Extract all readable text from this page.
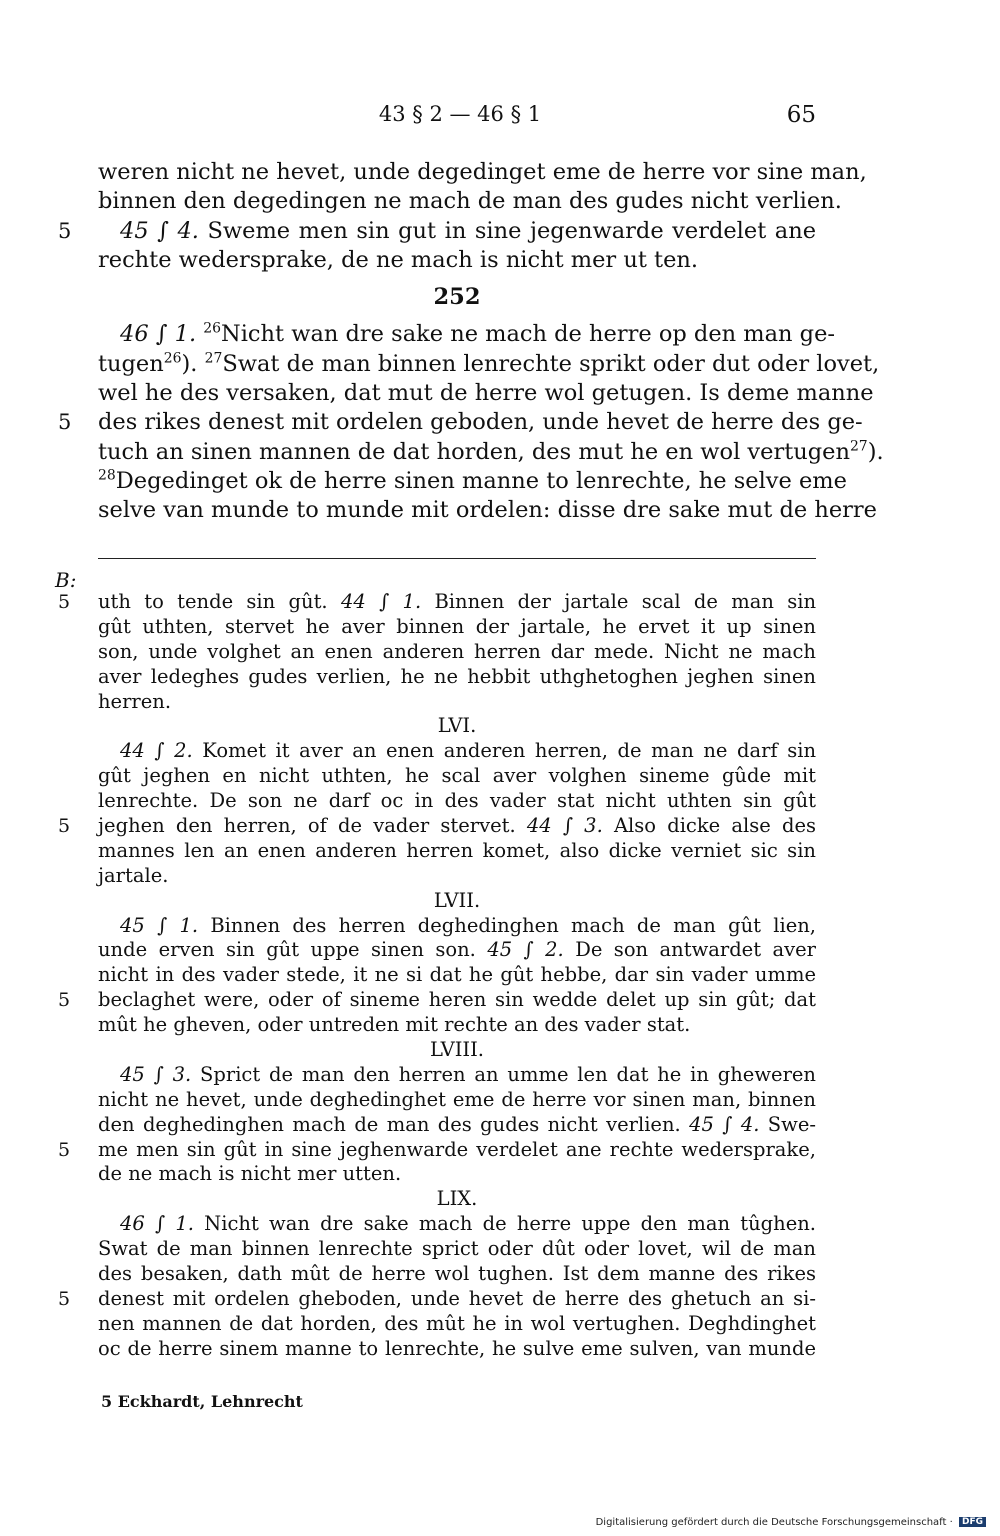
43 § 2 — 46 § 1	65
weren nicht ne hevet, unde degedinget eme de herre vor sine man,
binnen den degedingen ne mach de man des gudes nicht verlien.
5 45 ∫ 4. Sweme men sin gut in sine jegenwarde verdelet ane
rechte wedersprake, de ne mach is nicht mer ut ten.
252
46 ∫ 1. $^{26}$Nicht wan dre sake ne mach de herre op den man ge-
tugen$^{26}$). $^{27}$Swat de man binnen lenrechte sprikt oder dut oder lovet,
wel he des versaken, dat mut de herre wol getugen. Is deme manne
5 des rikes denest mit ordelen geboden, unde hevet de herre des ge-
tuch an sinen mannen de dat horden, des mut he en wol vertugen$^{27}$).
$^{28}$Degedinget ok de herre sinen manne to lenrechte, he selve eme
selve van munde to munde mit ordelen: disse dre sake mut de herre
B:
5 uth to tende sin gût. 44 ∫ 1. Binnen der jartale scal de man sin
gût uthten, stervet he aver binnen der jartale, he ervet it up sinen
son, unde volghet an enen anderen herren dar mede. Nicht ne mach
aver ledeghes gudes verlien, he ne hebbit uthghetoghen jeghen sinen
herren.
LVI.
44 ∫ 2. Komet it aver an enen anderen herren, de man ne darf sin
gût jeghen en nicht uthten, he scal aver volghen sineme gûde mit
lenrechte. De son ne darf oc in des vader stat nicht uthten sin gût
5 jeghen den herren, of de vader stervet. 44 ∫ 3. Also dicke alse des
mannes len an enen anderen herren komet, also dicke verniet sic sin
jartale.
LVII.
45 ∫ 1. Binnen des herren deghedinghen mach de man gût lien,
unde erven sin gût uppe sinen son. 45 ∫ 2. De son antwardet aver
nicht in des vader stede, it ne si dat he gût hebbe, dar sin vader umme
5 beclaghet were, oder of sineme heren sin wedde delet up sin gût; dat
mût he gheven, oder untreden mit rechte an des vader stat.
LVIII.
45 ∫ 3. Sprict de man den herren an umme len dat he in gheweren
nicht ne hevet, unde deghedinghet eme de herre vor sinen man, binnen
den deghedinghen mach de man des gudes nicht verlien. 45 ∫ 4. Swe-
5 me men sin gût in sine jeghenwarde verdelet ane rechte wedersprake,
de ne mach is nicht mer utten.
LIX.
46 ∫ 1. Nicht wan dre sake mach de herre uppe den man tûghen.
Swat de man binnen lenrechte sprict oder dût oder lovet, wil de man
des besaken, dath mût de herre wol tughen. Ist dem manne des rikes
5 denest mit ordelen gheboden, unde hevet de herre des ghetuch an si-
nen mannen de dat horden, des mût he in wol vertughen. Deghdinghet
oc de herre sinem manne to lenrechte, he sulve eme sulven, van munde
5 Eckhardt, Lehnrecht
Digitalisierung gefördert durch die Deutsche Forschungsgemeinschaft · DFG
